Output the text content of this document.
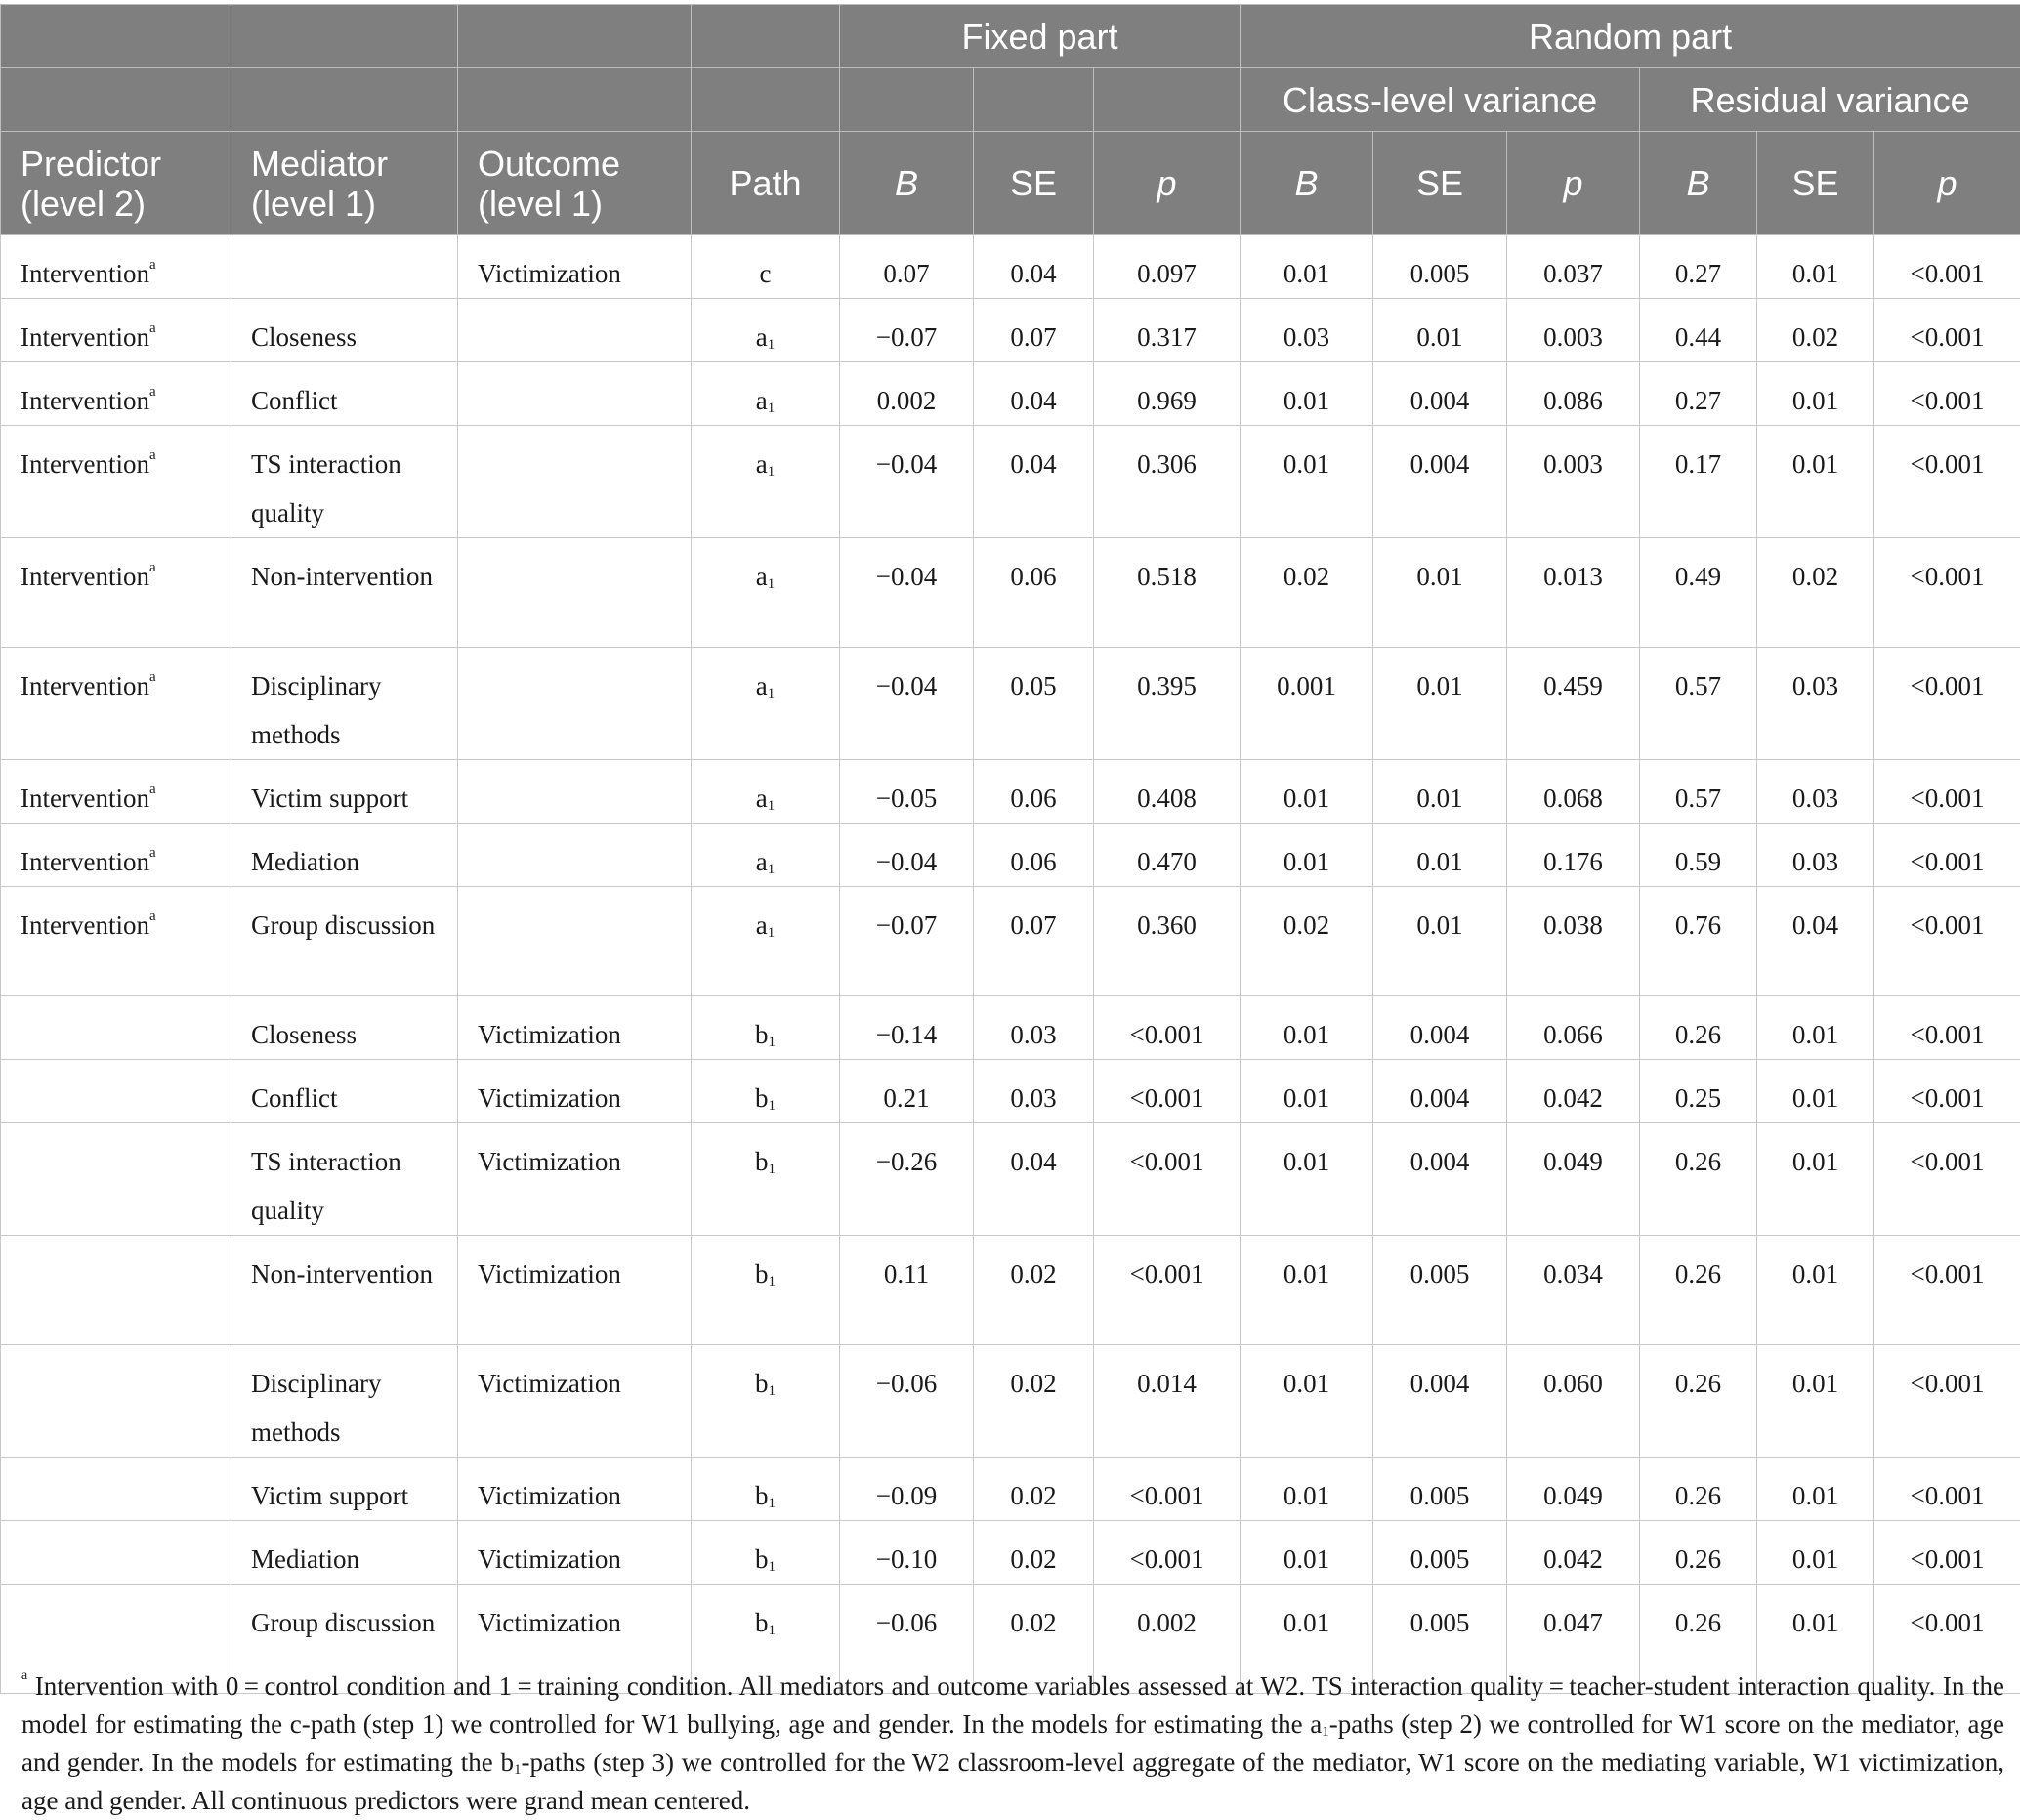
				Fixed part			Random part					
							Class-level variance			Residual variance		
Predictor (level 2)	Mediator (level 1)	Outcome (level 1)	Path	B	SE	p	B	SE	p	B	SE	p
Intervention$^a$		Victimization	c	0.07	0.04	0.097	0.01	0.005	0.037	0.27	0.01	<0.001
Intervention$^a$	Closeness		$a_1$	−0.07	0.07	0.317	0.03	0.01	0.003	0.44	0.02	<0.001
Intervention$^a$	Conflict		$a_1$	0.002	0.04	0.969	0.01	0.004	0.086	0.27	0.01	<0.001
Intervention$^a$	TS interaction quality		$a_1$	−0.04	0.04	0.306	0.01	0.004	0.003	0.17	0.01	<0.001
Intervention$^a$	Non-intervention		$a_1$	−0.04	0.06	0.518	0.02	0.01	0.013	0.49	0.02	<0.001
Intervention$^a$	Disciplinary methods		$a_1$	−0.04	0.05	0.395	0.001	0.01	0.459	0.57	0.03	<0.001
Intervention$^a$	Victim support		$a_1$	−0.05	0.06	0.408	0.01	0.01	0.068	0.57	0.03	<0.001
Intervention$^a$	Mediation		$a_1$	−0.04	0.06	0.470	0.01	0.01	0.176	0.59	0.03	<0.001
Intervention$^a$	Group discussion		$a_1$	−0.07	0.07	0.360	0.02	0.01	0.038	0.76	0.04	<0.001
	Closeness	Victimization	$b_1$	−0.14	0.03	<0.001	0.01	0.004	0.066	0.26	0.01	<0.001
	Conflict	Victimization	$b_1$	0.21	0.03	<0.001	0.01	0.004	0.042	0.25	0.01	<0.001
	TS interaction quality	Victimization	$b_1$	−0.26	0.04	<0.001	0.01	0.004	0.049	0.26	0.01	<0.001
	Non-intervention	Victimization	$b_1$	0.11	0.02	<0.001	0.01	0.005	0.034	0.26	0.01	<0.001
	Disciplinary methods	Victimization	$b_1$	−0.06	0.02	0.014	0.01	0.004	0.060	0.26	0.01	<0.001
	Victim support	Victimization	$b_1$	−0.09	0.02	<0.001	0.01	0.005	0.049	0.26	0.01	<0.001
	Mediation	Victimization	$b_1$	−0.10	0.02	<0.001	0.01	0.005	0.042	0.26	0.01	<0.001
	Group discussion	Victimization	$b_1$	−0.06	0.02	0.002	0.01	0.005	0.047	0.26	0.01	<0.001
$^a$ Intervention with 0 = control condition and 1 = training condition. All mediators and outcome variables assessed at W2. TS interaction quality = teacher-student interaction quality. In the model for estimating the c-path (step 1) we controlled for W1 bullying, age and gender. In the models for estimating the $a_1$-paths (step 2) we controlled for W1 score on the mediator, age and gender. In the models for estimating the $b_1$-paths (step 3) we controlled for the W2 classroom-level aggregate of the mediator, W1 score on the mediating variable, W1 victimization, age and gender. All continuous predictors were grand mean centered.
